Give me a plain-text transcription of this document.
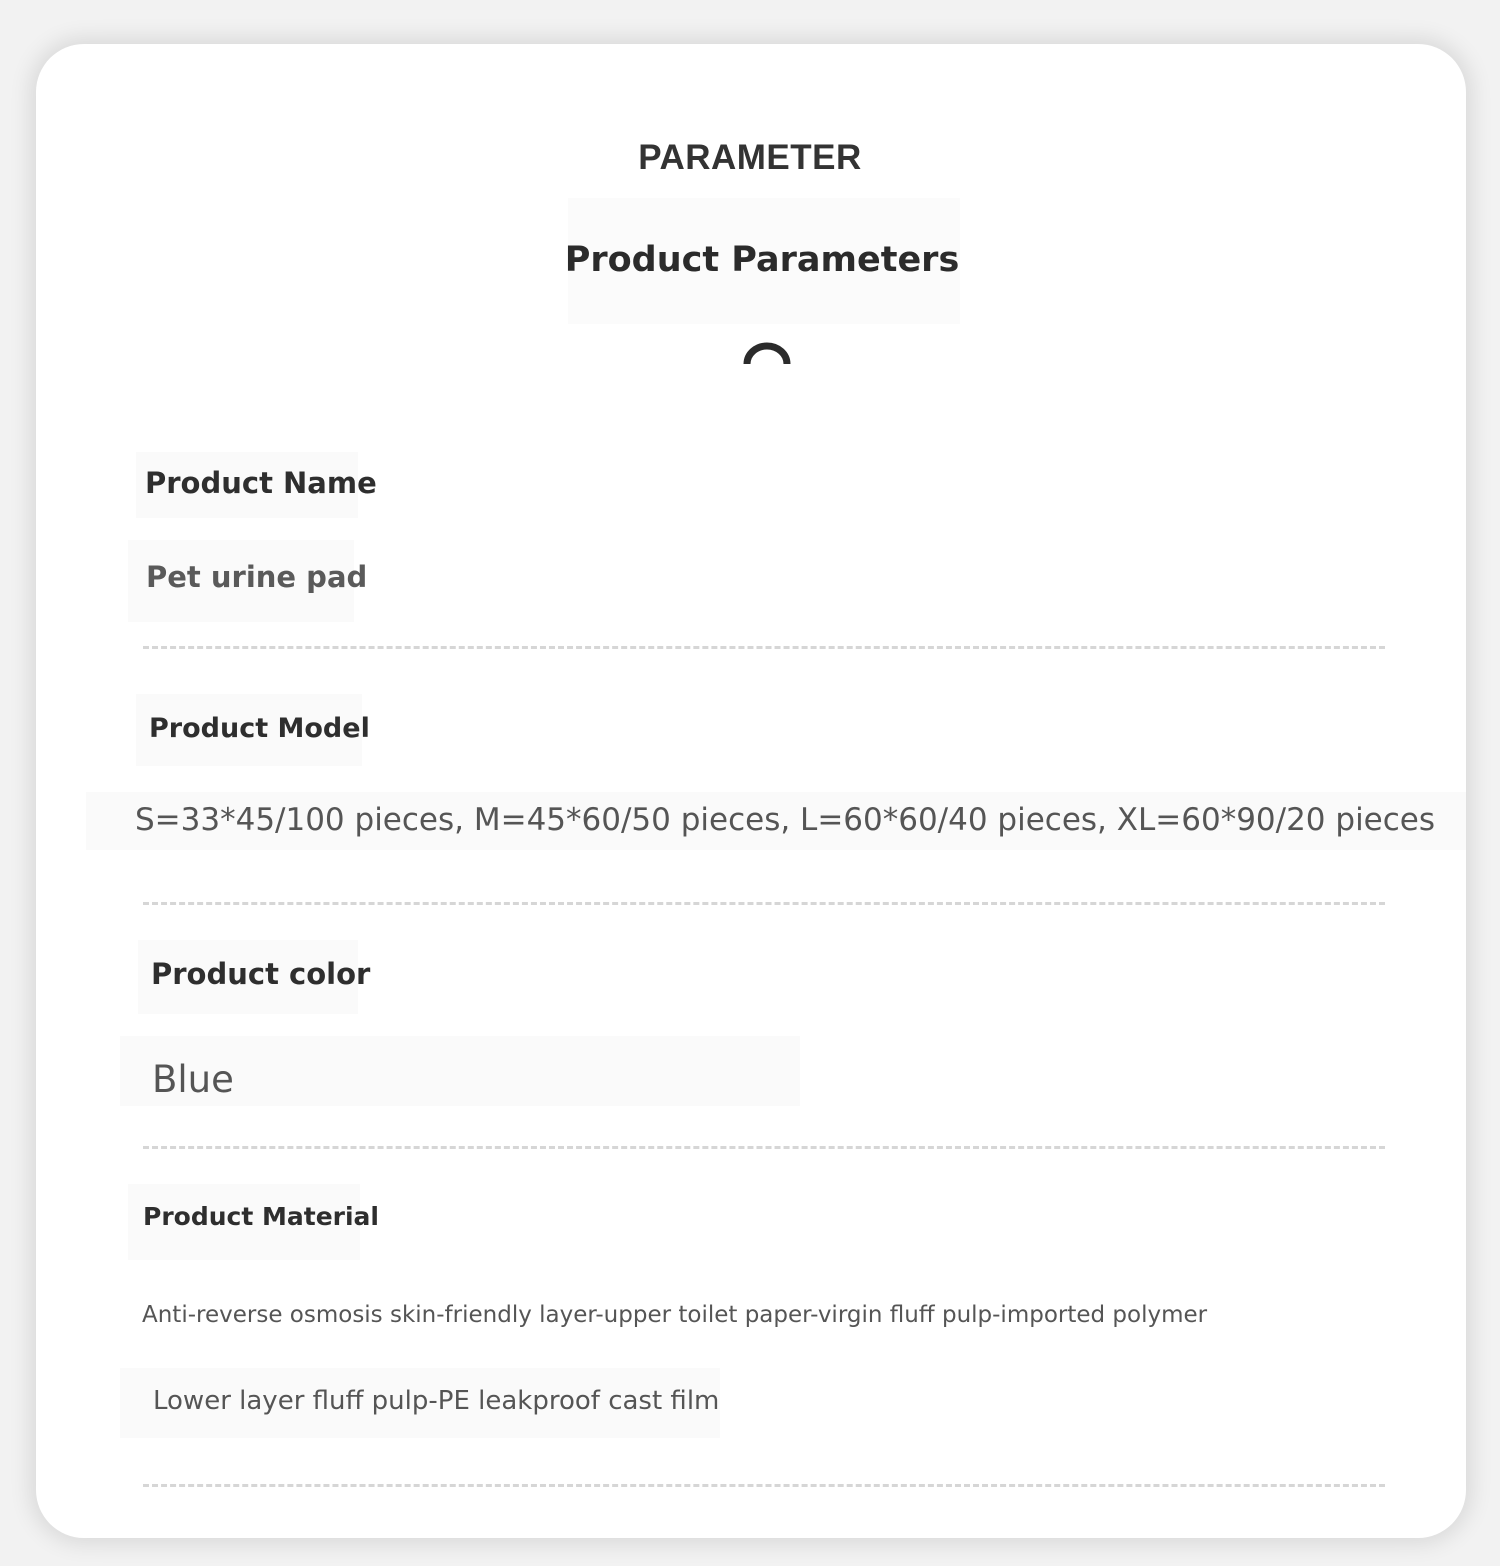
PARAMETER
Product Parameters
Product Name
Pet urine pad
Product Model
S=33*45/100 pieces, M=45*60/50 pieces, L=60*60/40 pieces, XL=60*90/20 pieces
Product color
Blue
Product Material
Anti-reverse osmosis skin-friendly layer-upper toilet paper-virgin fluff pulp-imported polymer
Lower layer fluff pulp-PE leakproof cast film
